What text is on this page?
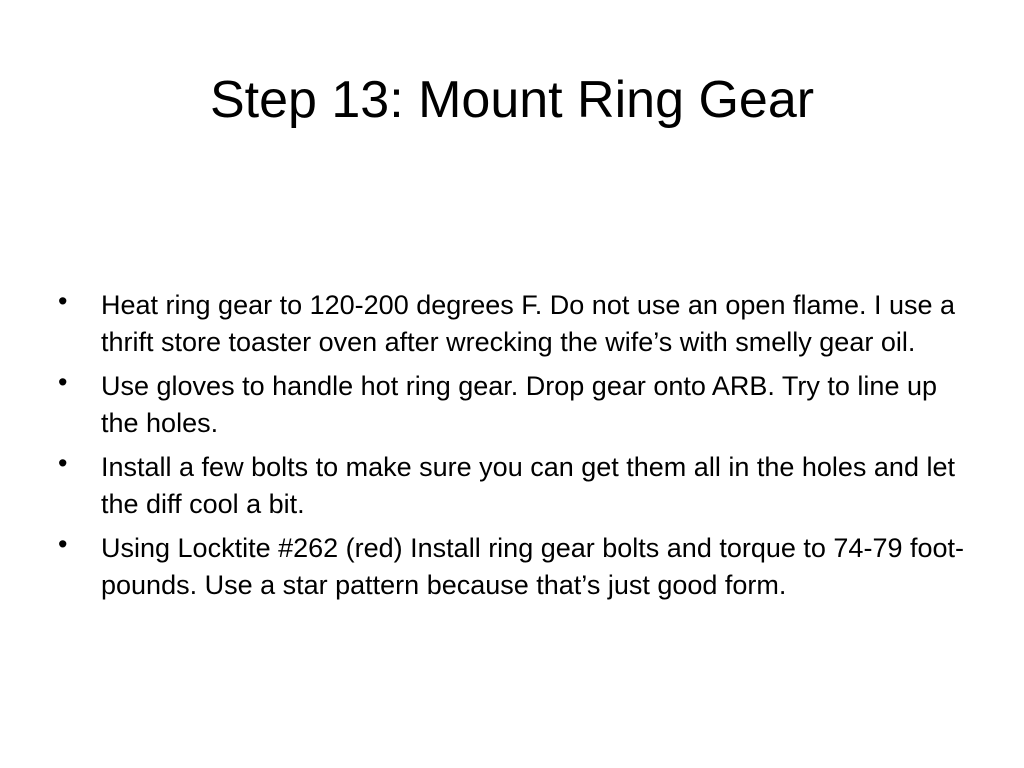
Step 13: Mount Ring Gear
• Heat ring gear to 120-200 degrees F. Do not use an open flame. I use a thrift store toaster oven after wrecking the wife’s with smelly gear oil.
• Use gloves to handle hot ring gear. Drop gear onto ARB. Try to line up the holes.
• Install a few bolts to make sure you can get them all in the holes and let the diff cool a bit.
• Using Locktite #262 (red) Install ring gear bolts and torque to 74-79 foot-pounds. Use a star pattern because that’s just good form.
